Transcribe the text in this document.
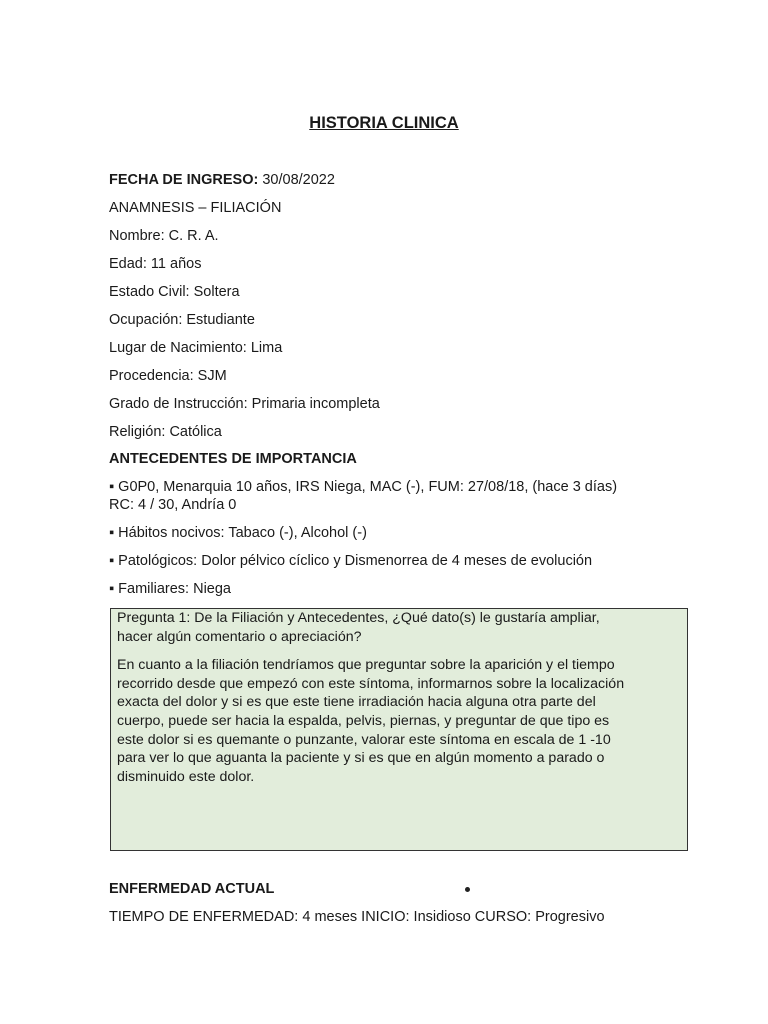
HISTORIA CLINICA
FECHA DE INGRESO: 30/08/2022
ANAMNESIS – FILIACIÓN
Nombre: C. R. A.
Edad: 11 años
Estado Civil: Soltera
Ocupación: Estudiante
Lugar de Nacimiento: Lima
Procedencia: SJM
Grado de Instrucción: Primaria incompleta
Religión: Católica
ANTECEDENTES DE IMPORTANCIA
▪ G0P0, Menarquia 10 años, IRS Niega, MAC (-), FUM: 27/08/18, (hace 3 días)
RC: 4 / 30, Andría 0
▪ Hábitos nocivos: Tabaco (-), Alcohol (-)
▪ Patológicos: Dolor pélvico cíclico y Dismenorrea de 4 meses de evolución
▪ Familiares: Niega

Pregunta 1: De la Filiación y Antecedentes, ¿Qué dato(s) le gustaría ampliar,

hacer algún comentario o apreciación?

En cuanto a la filiación tendríamos que preguntar sobre la aparición y el tiempo

recorrido desde que empezó con este síntoma, informarnos sobre la localización

exacta del dolor y si es que este tiene irradiación hacia alguna otra parte del

cuerpo, puede ser hacia la espalda, pelvis, piernas, y preguntar de que tipo es

este dolor si es quemante o punzante, valorar este síntoma en escala de 1 -10

para ver lo que aguanta la paciente y si es que en algún momento a parado o

disminuido este dolor.

ENFERMEDAD ACTUAL
TIEMPO DE ENFERMEDAD: 4 meses INICIO: Insidioso CURSO: Progresivo
